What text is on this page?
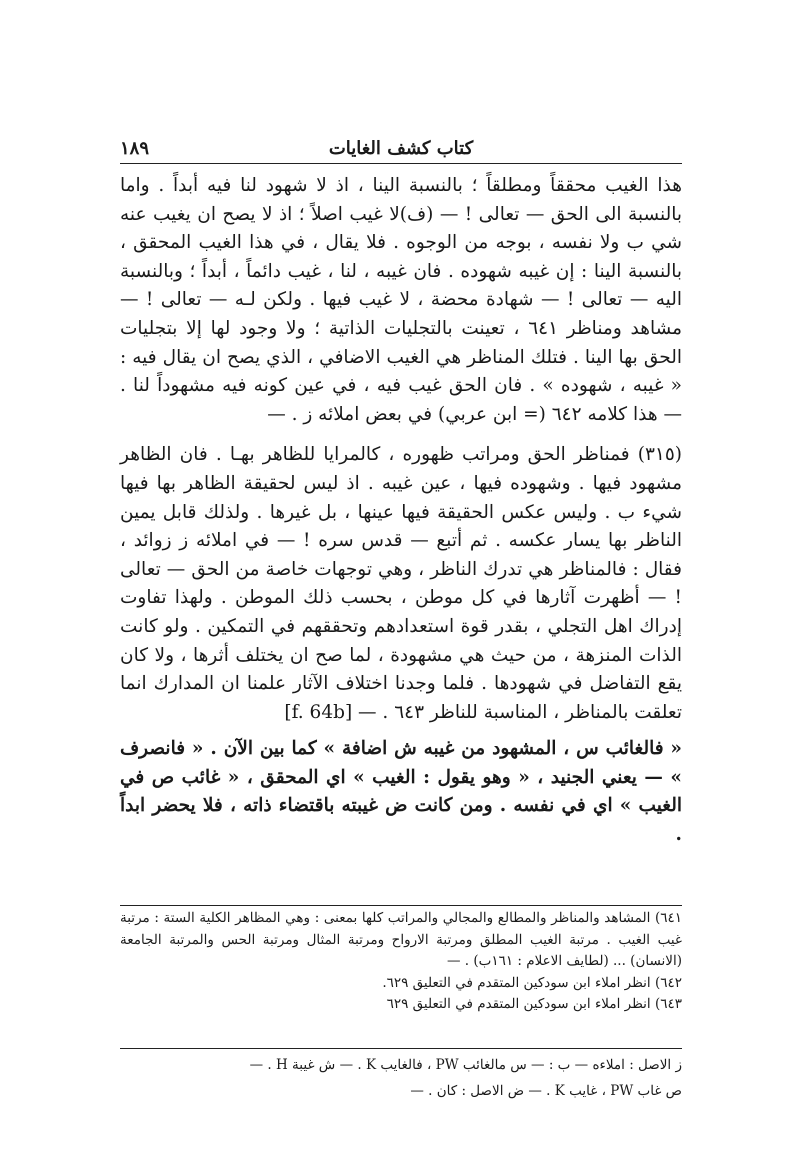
١٨٩	كتاب كشف الغايات

هذا الغيب محققاً ومطلقاً ؛ بالنسبة الينا ، اذ لا شهود لنا فيه أبداً . واما بالنسبة الى الحق — تعالى ! — (ف)لا غيب اصلاً ؛ اذ لا يصح ان يغيب عنه شي ب ولا نفسه ، بوجه من الوجوه . فلا يقال ، في هذا الغيب المحقق ، بالنسبة الينا : إن غيبه شهوده . فان غيبه ، لنا ، غيب دائماً ، أبداً ؛ وبالنسبة اليه — تعالى ! — شهادة محضة ، لا غيب فيها . ولكن لـه — تعالى ! — مشاهد ومناظر ٦٤١ ، تعينت بالتجليات الذاتية ؛ ولا وجود لها إلا بتجليات الحق بها الينا . فتلك المناظر هي الغيب الاضافي ، الذي يصح ان يقال فيه : « غيبه ، شهوده » . فان الحق غيب فيه ، في عين كونه فيه مشهوداً لنا . — هذا كلامه ٦٤٢ (= ابن عربي) في بعض املائه ز . —

(٣١٥) فمناظر الحق ومراتب ظهوره ، كالمرايا للظاهر بهـا . فان الظاهر مشهود فيها . وشهوده فيها ، عين غيبه . اذ ليس لحقيقة الظاهر بها فيها شيء ب . وليس عكس الحقيقة فيها عينها ، بل غيرها . ولذلك قابل يمين الناظر بها يسار عكسه . ثم أتبع — قدس سره ! — في املائه ز زوائد ، فقال : فالمناظر هي تدرك الناظر ، وهي توجهات خاصة من الحق — تعالى ! — أظهرت آثارها في كل موطن ، بحسب ذلك الموطن . ولهذا تفاوت إدراك اهل التجلي ، بقدر قوة استعدادهم وتحققهم في التمكين . ولو كانت الذات المنزهة ، من حيث هي مشهودة ، لما صح ان يختلف أثرها ، ولا كان يقع التفاضل في شهودها . فلما وجدنا اختلاف الآثار علمنا ان المدارك انما تعلقت بالمناظر ، المناسبة للناظر ٦٤٣ . — [f. 64b]

« فالغائب س ، المشهود من غيبه ش اضافة » كما بين الآن . « فانصرف » — يعني الجنيد ، « وهو يقول : الغيب » اي المحقق ، « غائب ص في الغيب » اي في نفسه . ومن كانت ض غيبته باقتضاء ذاته ، فلا يحضر ابداً .

٦٤١) المشاهد والمناظر والمطالع والمجالي والمراتب كلها بمعنى : وهي المظاهر الكلية الستة : مرتبة غيب الغيب . مرتبة الغيب المطلق ومرتبة الارواح ومرتبة المثال ومرتبة الحس والمرتبة الجامعة (الانسان) ... (لطايف الاعلام : ١٦١ب) . —

٦٤٢) انظر املاء ابن سودكين المتقدم في التعليق ٦٢٩.

٦٤٣) انظر املاء ابن سودكين المتقدم في التعليق ٦٢٩

ز الاصل : املاءه — ب : — س مالغائب PW ، فالغايب K . — ش غيبة H . —

ص غاب PW ، غايب K . — ض الاصل : كان . —
